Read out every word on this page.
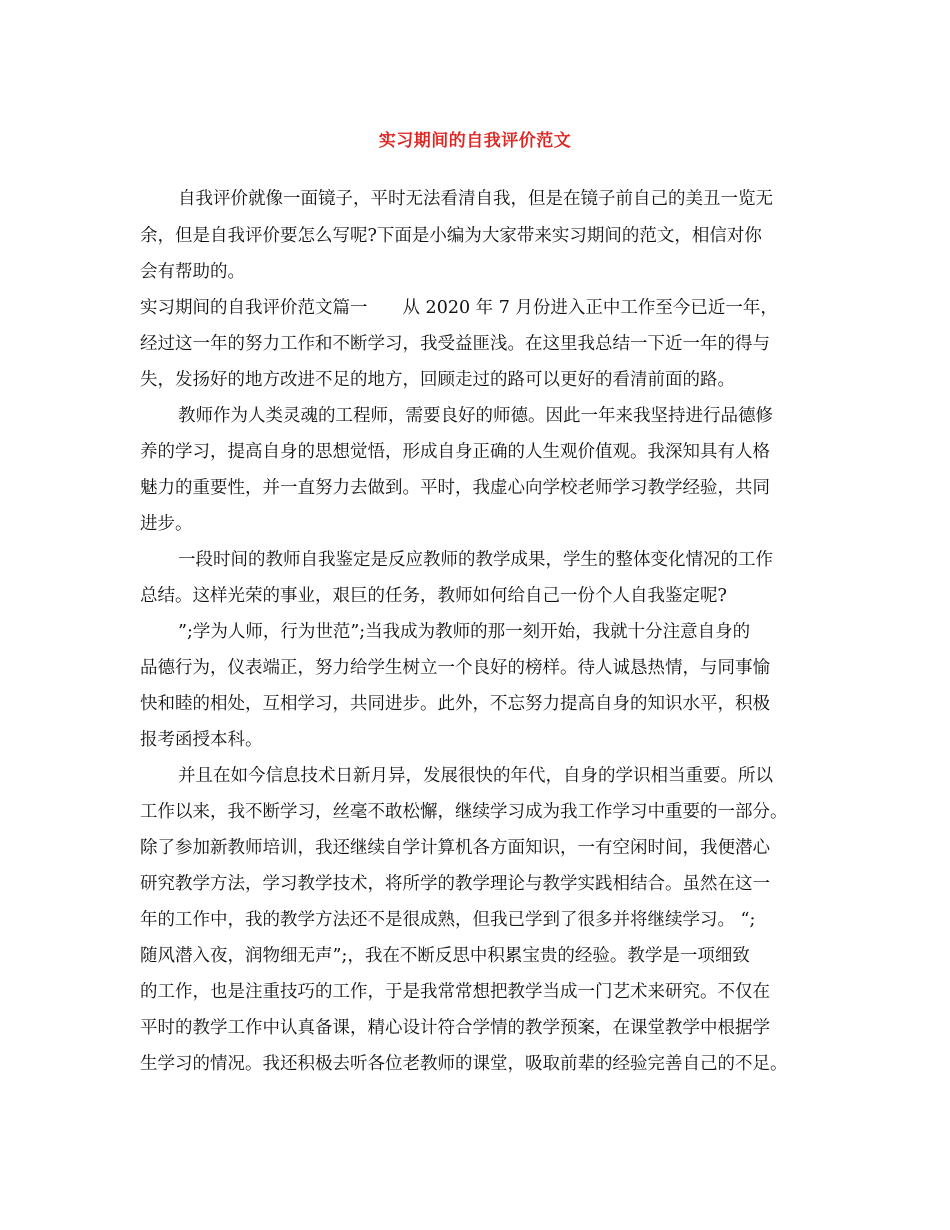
实习期间的自我评价范文
自我评价就像一面镜子，平时无法看清自我，但是在镜子前自己的美丑一览无
余，但是自我评价要怎么写呢?下面是小编为大家带来实习期间的范文，相信对你
会有帮助的。
实习期间的自我评价范文篇一　　从 2020 年 7 月份进入正中工作至今已近一年，
经过这一年的努力工作和不断学习，我受益匪浅。在这里我总结一下近一年的得与
失，发扬好的地方改进不足的地方，回顾走过的路可以更好的看清前面的路。
教师作为人类灵魂的工程师，需要良好的师德。因此一年来我坚持进行品德修
养的学习，提高自身的思想觉悟，形成自身正确的人生观价值观。我深知具有人格
魅力的重要性，并一直努力去做到。平时，我虚心向学校老师学习教学经验，共同
进步。
一段时间的教师自我鉴定是反应教师的教学成果，学生的整体变化情况的工作
总结。这样光荣的事业，艰巨的任务，教师如何给自己一份个人自我鉴定呢?
”;学为人师，行为世范”;当我成为教师的那一刻开始，我就十分注意自身的
品德行为，仪表端正，努力给学生树立一个良好的榜样。待人诚恳热情，与同事愉
快和睦的相处，互相学习，共同进步。此外，不忘努力提高自身的知识水平，积极
报考函授本科。
并且在如今信息技术日新月异，发展很快的年代，自身的学识相当重要。所以
工作以来，我不断学习，丝毫不敢松懈，继续学习成为我工作学习中重要的一部分。
除了参加新教师培训，我还继续自学计算机各方面知识，一有空闲时间，我便潜心
研究教学方法，学习教学技术，将所学的教学理论与教学实践相结合。虽然在这一
年的工作中，我的教学方法还不是很成熟，但我已学到了很多并将继续学习。 “;
随风潜入夜，润物细无声”;，我在不断反思中积累宝贵的经验。教学是一项细致
的工作，也是注重技巧的工作，于是我常常想把教学当成一门艺术来研究。不仅在
平时的教学工作中认真备课，精心设计符合学情的教学预案，在课堂教学中根据学
生学习的情况。我还积极去听各位老教师的课堂，吸取前辈的经验完善自己的不足。
